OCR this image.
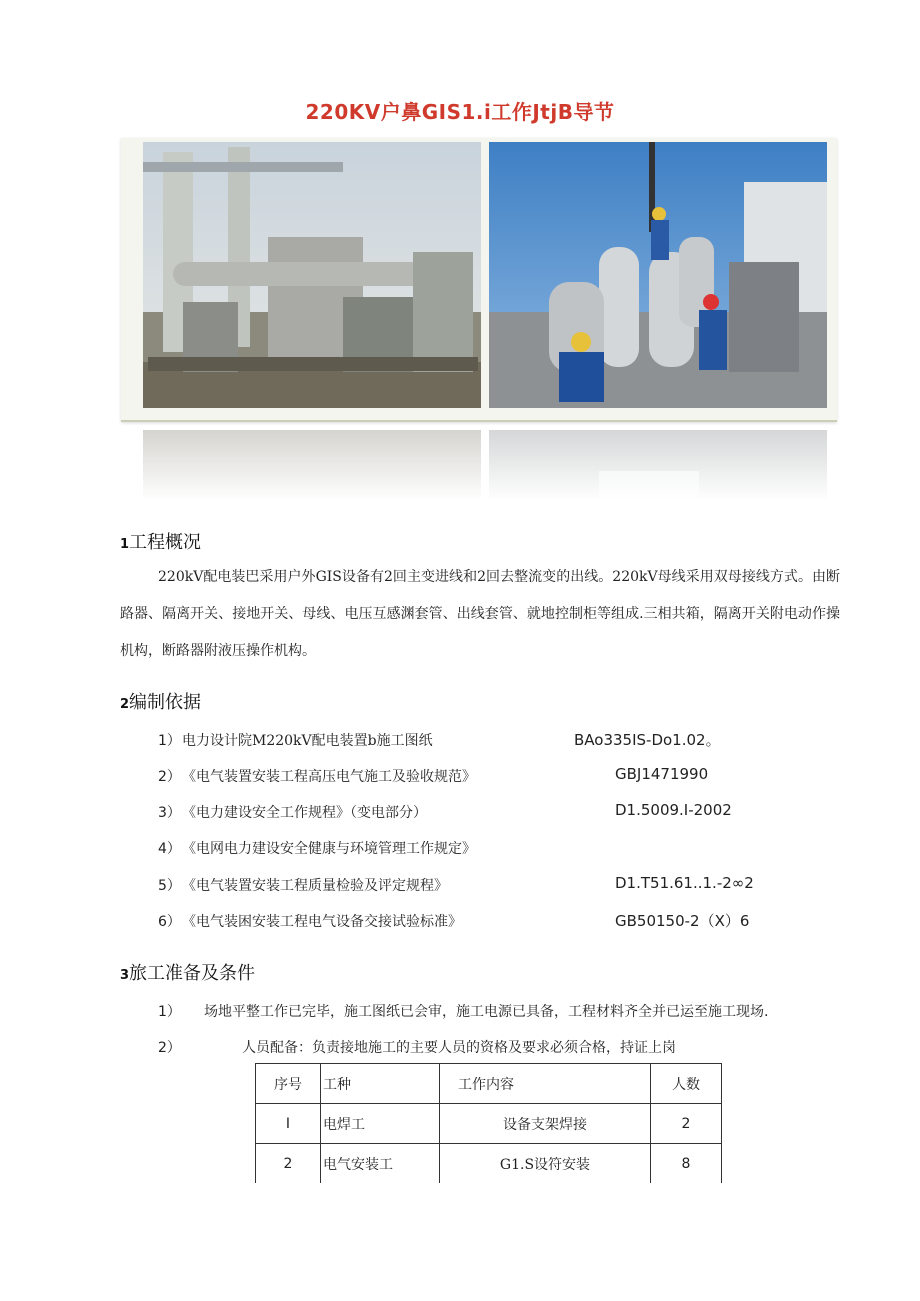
220KV户鼻GIS1.i工作JtjB导节
1工程概况
220kV配电装巴采用户外GIS设备有2回主变进线和2回去整流变的出线。220kV母线采用双母接线方式。由断路器、隔离开关、接地开关、母线、电压互感渊套管、出线套管、就地控制柜等组成.三相共箱，隔离开关附电动作操机构，断路器附液压操作机构。
2编制依据
1） 电力设计院M220kV配电装置b施工图纸	BAo335IS-Do1.02。
2） 《电气装置安装工程高压电气施工及验收规范》	GBJ1471990
3） 《电力建设安全工作规程》（变电部分）	D1.5009.I-2002
4） 《电网电力建设安全健康与环境管理工作规定》
5） 《电气装置安装工程质量检验及评定规程》	D1.T51.61..1.-2∞2
6） 《电气装困安装工程电气设备交接试验标准》	GB50150-2（X）6
3旅工准备及条件
1） 场地平整工作已完毕，施工图纸已会审，施工电源已具备，工程材料齐全并已运至施工现场.
2）	人员配备：负责接地施工的主要人员的资格及要求必须合格，持证上岗
序号	工种	工作内容	人数
I	电焊工	设备支架焊接	2
2	电气安装工	G1.S设符安装	8
